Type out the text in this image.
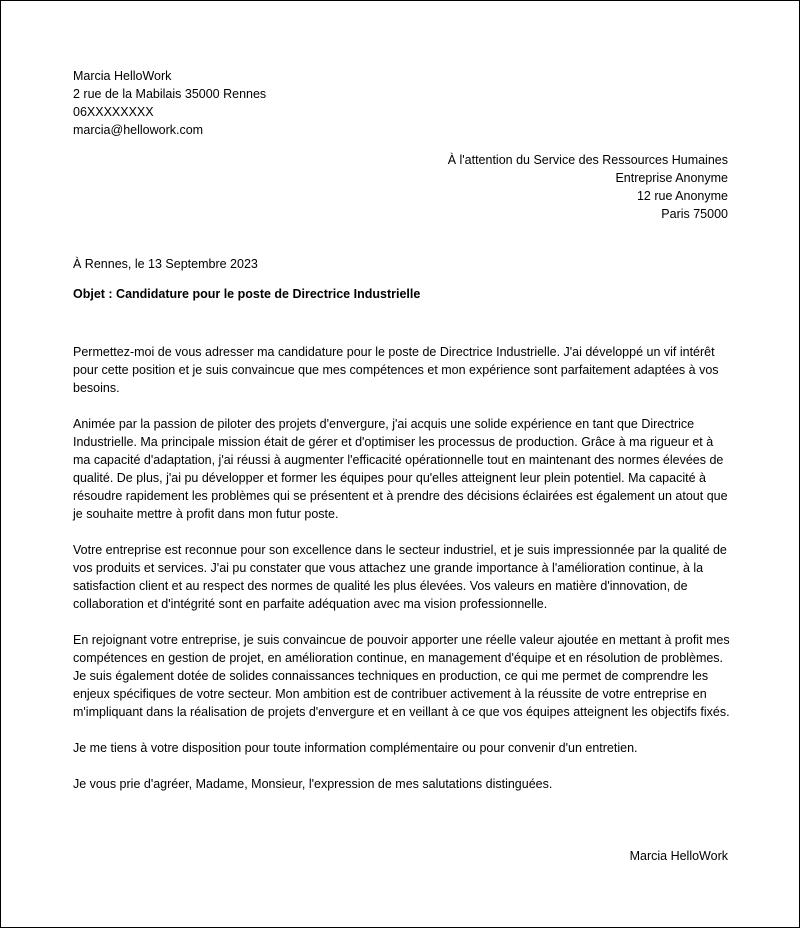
Marcia HelloWork
2 rue de la Mabilais 35000 Rennes
06XXXXXXXX
marcia@hellowork.com
À l'attention du Service des Ressources Humaines
Entreprise Anonyme
12 rue Anonyme
Paris 75000
À Rennes, le 13 Septembre 2023
Objet : Candidature pour le poste de Directrice Industrielle

Permettez-moi de vous adresser ma candidature pour le poste de Directrice Industrielle. J'ai développé un vif intérêt pour cette position et je suis convaincue que mes compétences et mon expérience sont parfaitement adaptées à vos besoins.

Animée par la passion de piloter des projets d'envergure, j'ai acquis une solide expérience en tant que Directrice Industrielle. Ma principale mission était de gérer et d'optimiser les processus de production. Grâce à ma rigueur et à ma capacité d'adaptation, j'ai réussi à augmenter l'efficacité opérationnelle tout en maintenant des normes élevées de qualité. De plus, j'ai pu développer et former les équipes pour qu'elles atteignent leur plein potentiel. Ma capacité à résoudre rapidement les problèmes qui se présentent et à prendre des décisions éclairées est également un atout que je souhaite mettre à profit dans mon futur poste.

Votre entreprise est reconnue pour son excellence dans le secteur industriel, et je suis impressionnée par la qualité de vos produits et services. J'ai pu constater que vous attachez une grande importance à l'amélioration continue, à la satisfaction client et au respect des normes de qualité les plus élevées. Vos valeurs en matière d'innovation, de collaboration et d'intégrité sont en parfaite adéquation avec ma vision professionnelle.

En rejoignant votre entreprise, je suis convaincue de pouvoir apporter une réelle valeur ajoutée en mettant à profit mes compétences en gestion de projet, en amélioration continue, en management d'équipe et en résolution de problèmes. Je suis également dotée de solides connaissances techniques en production, ce qui me permet de comprendre les enjeux spécifiques de votre secteur. Mon ambition est de contribuer activement à la réussite de votre entreprise en m'impliquant dans la réalisation de projets d'envergure et en veillant à ce que vos équipes atteignent les objectifs fixés.

Je me tiens à votre disposition pour toute information complémentaire ou pour convenir d'un entretien.

Je vous prie d'agréer, Madame, Monsieur, l'expression de mes salutations distinguées.

Marcia HelloWork
